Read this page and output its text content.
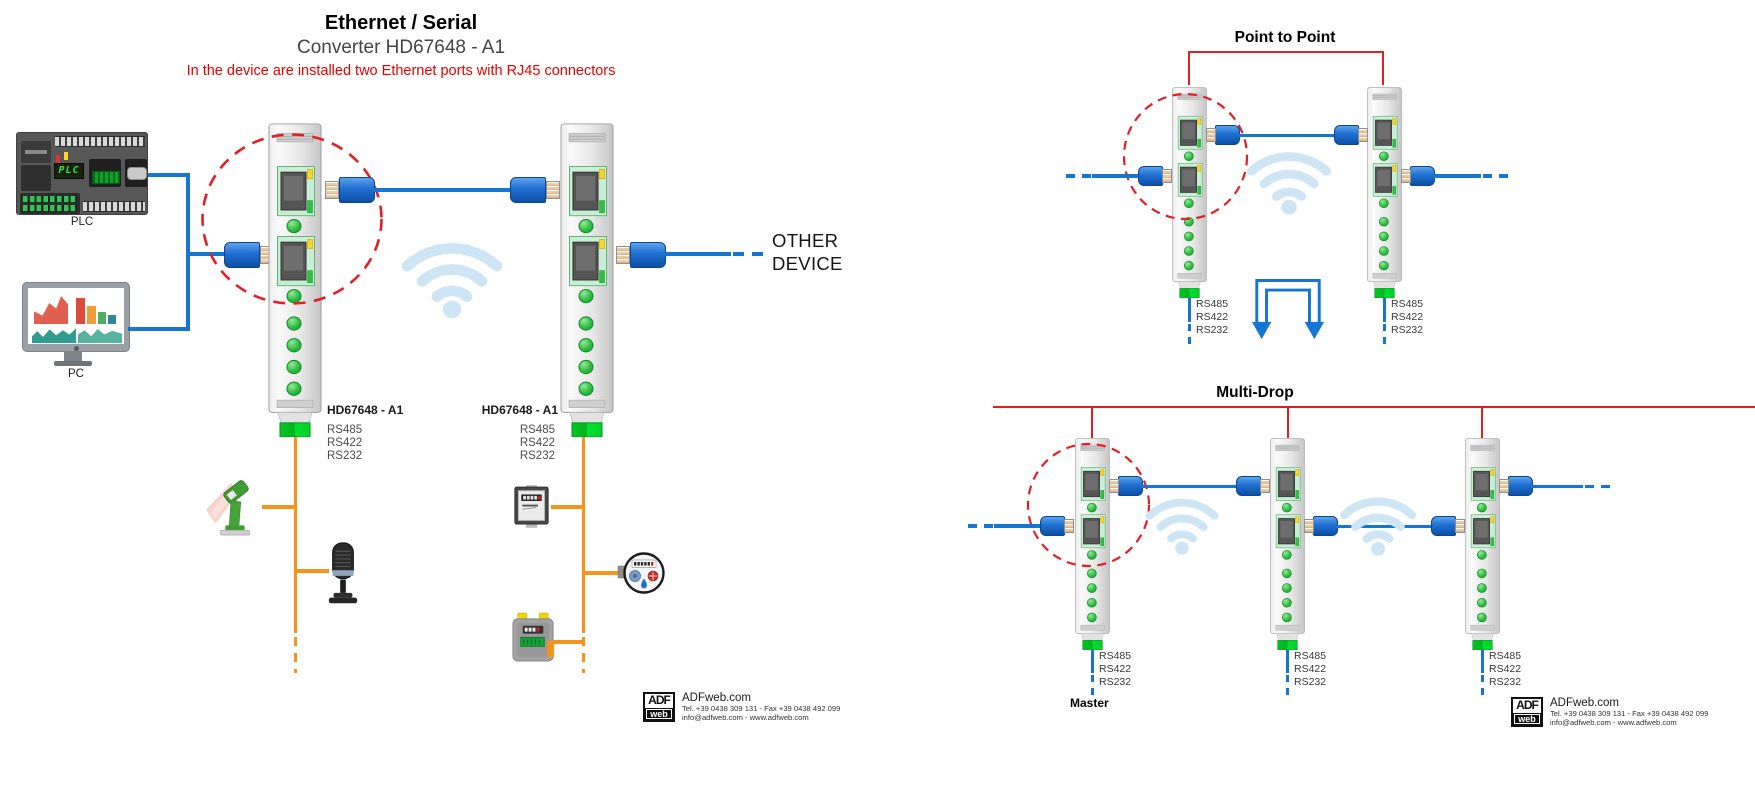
Ethernet / Serial
Converter HD67648 - A1
In the device are installed two Ethernet ports with RJ45 connectors
PLC
PLC
PC
OTHER DEVICE
HD67648 - A1
RS485
RS422
RS232
HD67648 - A1
RS485
RS422
RS232
ADF
web
ADFweb.com
Tel. +39 0438 309 131 - Fax +39 0438 492 099
info@adfweb.com - www.adfweb.com
Point to Point
RS485
RS422
RS232
RS485
RS422
RS232
Multi-Drop
RS485
RS422
RS232
RS485
RS422
RS232
RS485
RS422
RS232
Master	ADF
web
ADFweb.com
Tel. +39 0438 309 131 - Fax +39 0438 492 099
info@adfweb.com - www.adfweb.com
